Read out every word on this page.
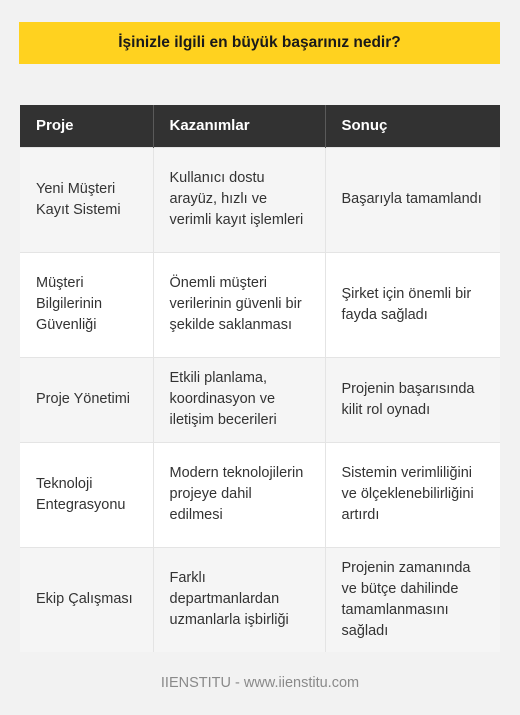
İşinizle ilgili en büyük başarınız nedir?
Proje	Kazanımlar	Sonuç
Yeni Müşteri Kayıt Sistemi	Kullanıcı dostu arayüz, hızlı ve verimli kayıt işlemleri	Başarıyla tamamlandı
Müşteri Bilgilerinin Güvenliği	Önemli müşteri verilerinin güvenli bir şekilde saklanması	Şirket için önemli bir fayda sağladı
Proje Yönetimi	Etkili planlama, koordinasyon ve iletişim becerileri	Projenin başarısında kilit rol oynadı
Teknoloji Entegrasyonu	Modern teknolojilerin projeye dahil edilmesi	Sistemin verimliliğini ve ölçeklenebilirliğini artırdı
Ekip Çalışması	Farklı departmanlardan uzmanlarla işbirliği	Projenin zamanında ve bütçe dahilinde tamamlanmasını sağladı
IIENSTITU - www.iienstitu.com
